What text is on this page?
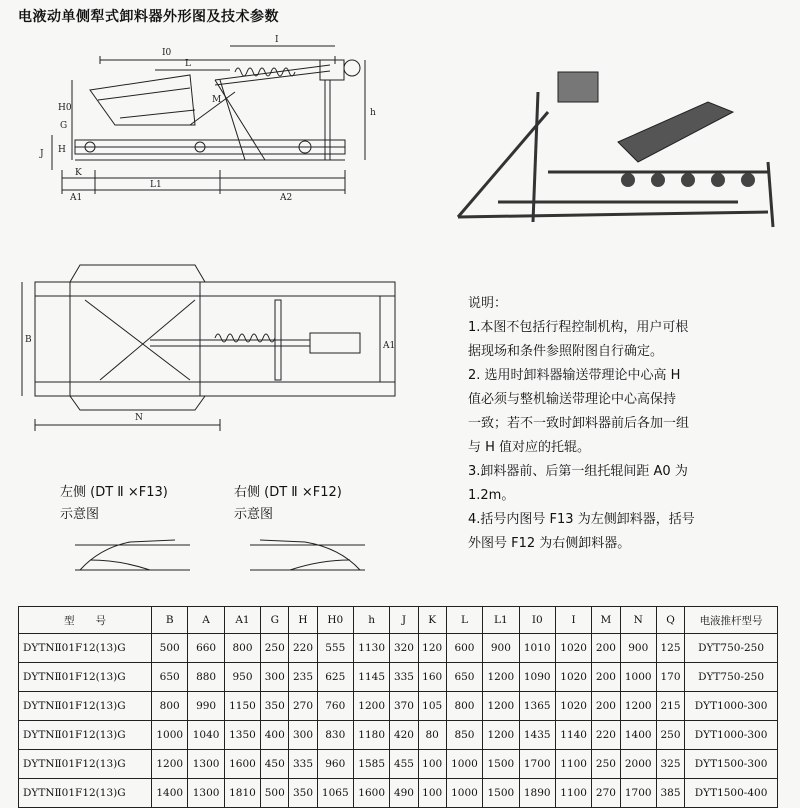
电液动单侧犁式卸料器外形图及技术参数
I0
I
L
H0
G
M
h
J H
K
A1
L1
A2
B
A1
N

说明：

1.本图不包括行程控制机构，用户可根

据现场和条件参照附图自行确定。

2. 选用时卸料器输送带理论中心高 H

值必须与整机输送带理论中心高保持

一致；若不一致时卸料器前后各加一组

与 H 值对应的托辊。

3.卸料器前、后第一组托辊间距 A0 为

1.2m。

4.括号内图号 F13 为左侧卸料器，括号

外图号 F12 为右侧卸料器。

左侧 (DT Ⅱ ×F13)
示意图
右侧 (DT Ⅱ ×F12)
示意图
型　　号	B	A	A1	G	H	H0	h	J	K	L	L1	I0	I	M	N	Q	电液推杆型号
DYTNⅡ01F12(13)G	500	660	800	250	220	555	1130	320	120	600	900	1010	1020	200	900	125	DYT750-250
DYTNⅡ01F12(13)G	650	880	950	300	235	625	1145	335	160	650	1200	1090	1020	200	1000	170	DYT750-250
DYTNⅡ01F12(13)G	800	990	1150	350	270	760	1200	370	105	800	1200	1365	1020	200	1200	215	DYT1000-300
DYTNⅡ01F12(13)G	1000	1040	1350	400	300	830	1180	420	80	850	1200	1435	1140	220	1400	250	DYT1000-300
DYTNⅡ01F12(13)G	1200	1300	1600	450	335	960	1585	455	100	1000	1500	1700	1100	250	2000	325	DYT1500-300
DYTNⅡ01F12(13)G	1400	1300	1810	500	350	1065	1600	490	100	1000	1500	1890	1100	270	1700	385	DYT1500-400
